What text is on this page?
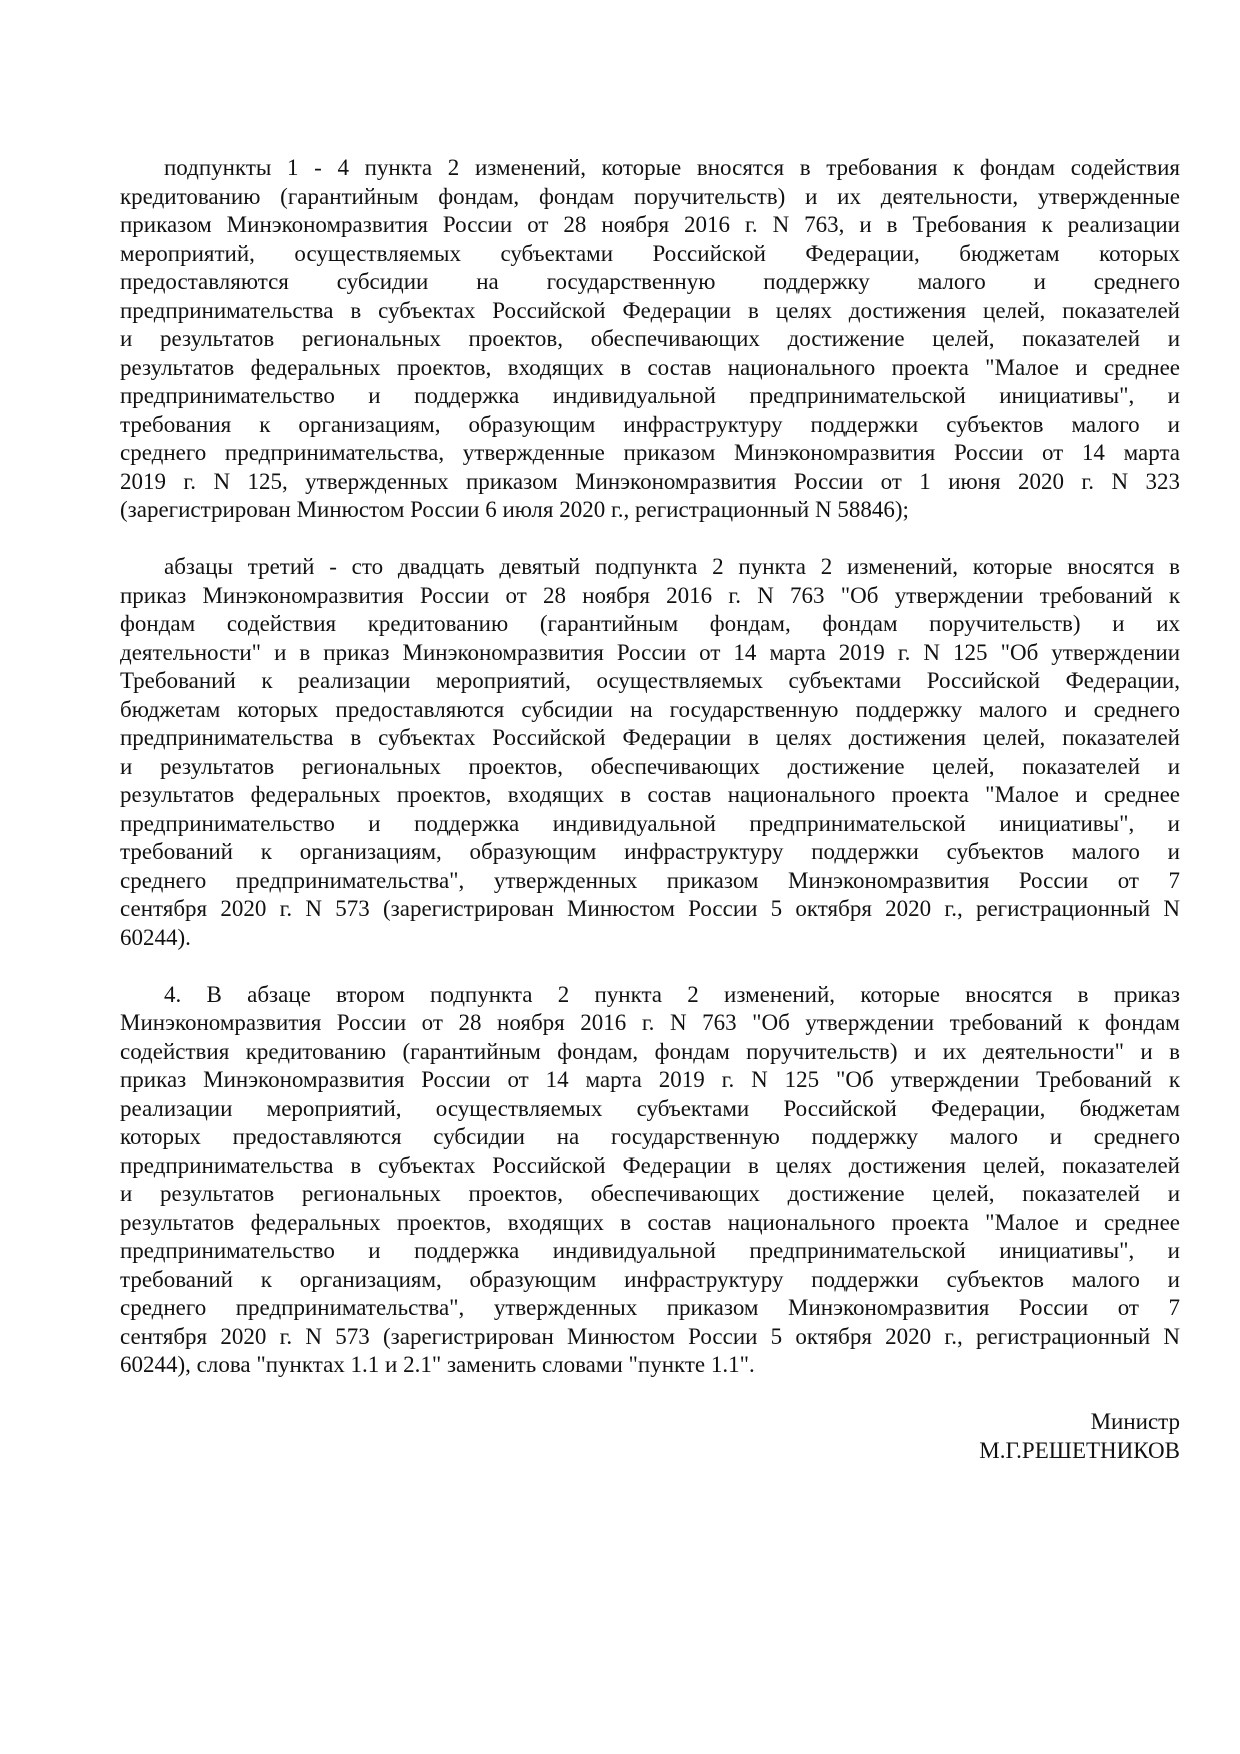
подпункты 1 - 4 пункта 2 изменений, которые вносятся в требования к фондам содействия
кредитованию (гарантийным фондам, фондам поручительств) и их деятельности, утвержденные
приказом Минэкономразвития России от 28 ноября 2016 г. N 763, и в Требования к реализации
мероприятий, осуществляемых субъектами Российской Федерации, бюджетам которых
предоставляются субсидии на государственную поддержку малого и среднего
предпринимательства в субъектах Российской Федерации в целях достижения целей, показателей
и результатов региональных проектов, обеспечивающих достижение целей, показателей и
результатов федеральных проектов, входящих в состав национального проекта "Малое и среднее
предпринимательство и поддержка индивидуальной предпринимательской инициативы", и
требования к организациям, образующим инфраструктуру поддержки субъектов малого и
среднего предпринимательства, утвержденные приказом Минэкономразвития России от 14 марта
2019 г. N 125, утвержденных приказом Минэкономразвития России от 1 июня 2020 г. N 323
(зарегистрирован Минюстом России 6 июля 2020 г., регистрационный N 58846);
абзацы третий - сто двадцать девятый подпункта 2 пункта 2 изменений, которые вносятся в
приказ Минэкономразвития России от 28 ноября 2016 г. N 763 "Об утверждении требований к
фондам содействия кредитованию (гарантийным фондам, фондам поручительств) и их
деятельности" и в приказ Минэкономразвития России от 14 марта 2019 г. N 125 "Об утверждении
Требований к реализации мероприятий, осуществляемых субъектами Российской Федерации,
бюджетам которых предоставляются субсидии на государственную поддержку малого и среднего
предпринимательства в субъектах Российской Федерации в целях достижения целей, показателей
и результатов региональных проектов, обеспечивающих достижение целей, показателей и
результатов федеральных проектов, входящих в состав национального проекта "Малое и среднее
предпринимательство и поддержка индивидуальной предпринимательской инициативы", и
требований к организациям, образующим инфраструктуру поддержки субъектов малого и
среднего предпринимательства", утвержденных приказом Минэкономразвития России от 7
сентября 2020 г. N 573 (зарегистрирован Минюстом России 5 октября 2020 г., регистрационный N
60244).
4. В абзаце втором подпункта 2 пункта 2 изменений, которые вносятся в приказ
Минэкономразвития России от 28 ноября 2016 г. N 763 "Об утверждении требований к фондам
содействия кредитованию (гарантийным фондам, фондам поручительств) и их деятельности" и в
приказ Минэкономразвития России от 14 марта 2019 г. N 125 "Об утверждении Требований к
реализации мероприятий, осуществляемых субъектами Российской Федерации, бюджетам
которых предоставляются субсидии на государственную поддержку малого и среднего
предпринимательства в субъектах Российской Федерации в целях достижения целей, показателей
и результатов региональных проектов, обеспечивающих достижение целей, показателей и
результатов федеральных проектов, входящих в состав национального проекта "Малое и среднее
предпринимательство и поддержка индивидуальной предпринимательской инициативы", и
требований к организациям, образующим инфраструктуру поддержки субъектов малого и
среднего предпринимательства", утвержденных приказом Минэкономразвития России от 7
сентября 2020 г. N 573 (зарегистрирован Минюстом России 5 октября 2020 г., регистрационный N
60244), слова "пунктах 1.1 и 2.1" заменить словами "пункте 1.1".
Министр
М.Г.РЕШЕТНИКОВ
